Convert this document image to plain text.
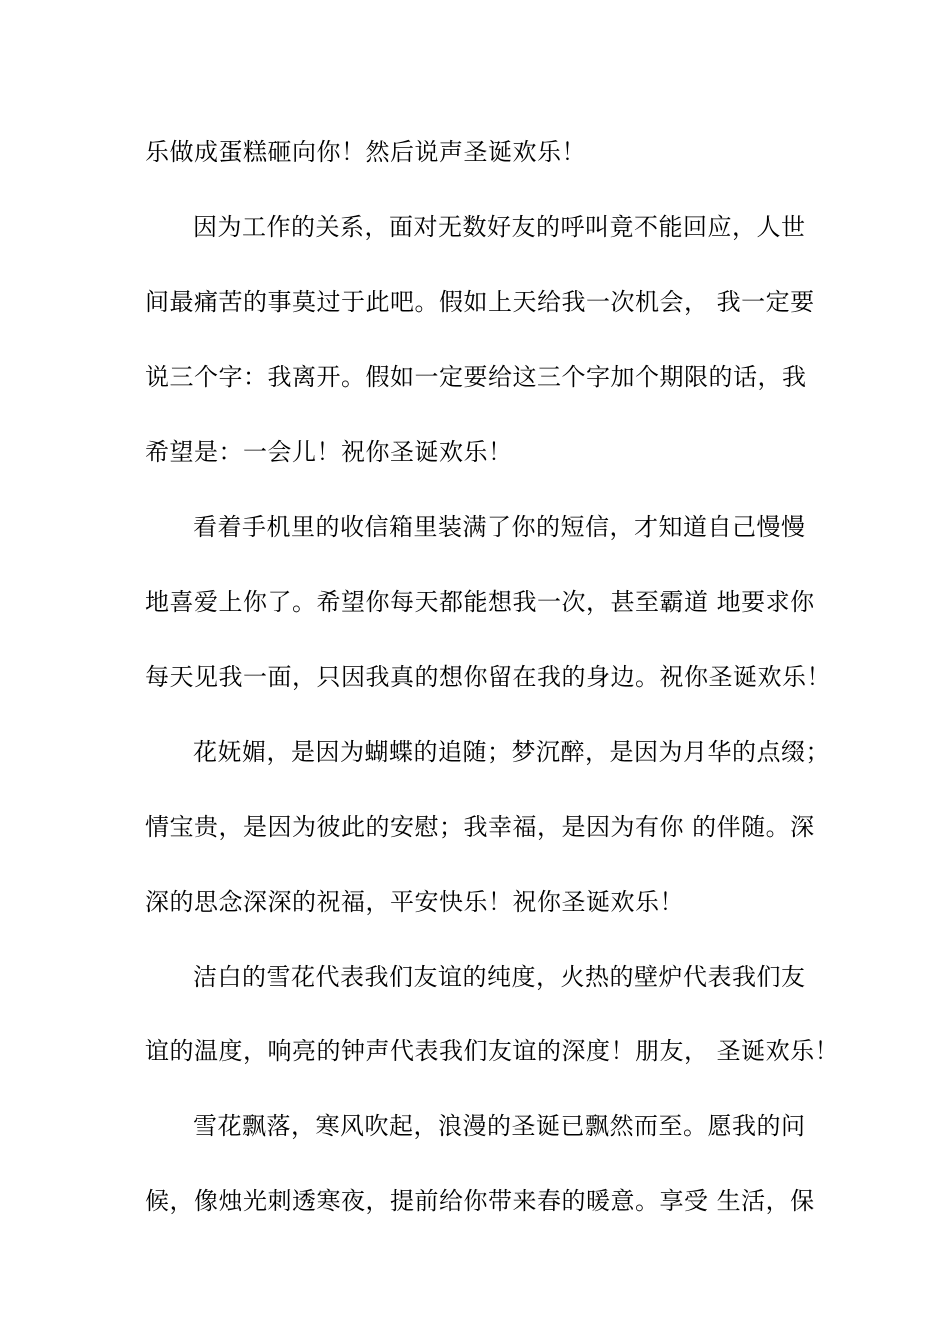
乐做成蛋糕砸向你！然后说声圣诞欢乐！
因为工作的关系，面对无数好友的呼叫竟不能回应，人世
间最痛苦的事莫过于此吧。假如上天给我一次机会， 我一定要
说三个字：我离开。假如一定要给这三个字加个期限的话，我
希望是：一会儿！祝你圣诞欢乐！
看着手机里的收信箱里装满了你的短信，才知道自己慢慢
地喜爱上你了。希望你每天都能想我一次，甚至霸道 地要求你
每天见我一面，只因我真的想你留在我的身边。祝你圣诞欢乐！
花妩媚，是因为蝴蝶的追随；梦沉醉，是因为月华的点缀；
情宝贵，是因为彼此的安慰；我幸福，是因为有你 的伴随。深
深的思念深深的祝福，平安快乐！祝你圣诞欢乐！
洁白的雪花代表我们友谊的纯度，火热的壁炉代表我们友
谊的温度，响亮的钟声代表我们友谊的深度！朋友， 圣诞欢乐！
雪花飘落，寒风吹起，浪漫的圣诞已飘然而至。愿我的问
候，像烛光刺透寒夜，提前给你带来春的暖意。享受 生活，保
